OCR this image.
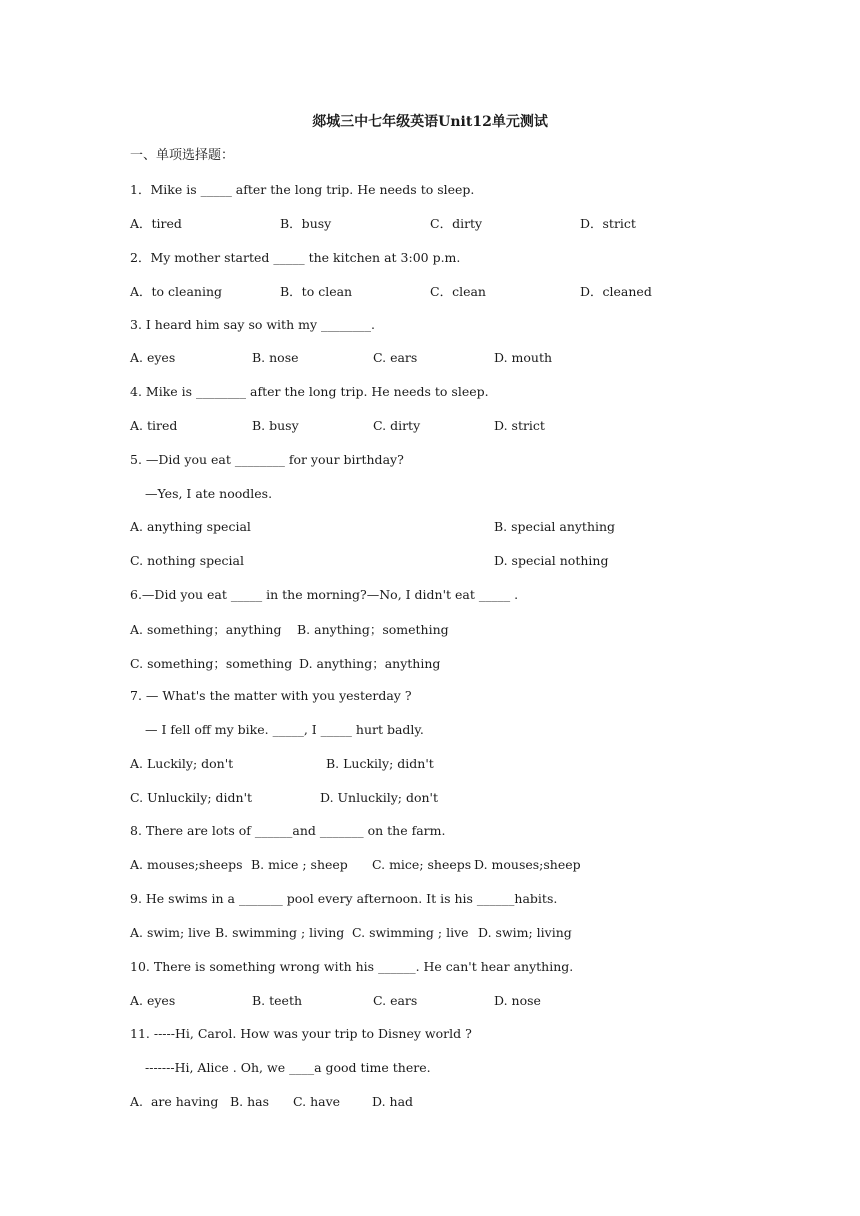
郯城三中七年级英语Unit12单元测试
一、单项选择题：
1．Mike is _____ after the long trip. He needs to sleep.
A．tired	B．busy	C．dirty	D．strict
2．My mother started _____ the kitchen at 3:00 p.m.
A．to cleaning	B．to clean	C．clean	D．cleaned
3. I heard him say so with my ________.
A. eyes	B. nose	C. ears	D. mouth
4. Mike is ________ after the long trip. He needs to sleep.
A. tired	B. busy	C. dirty	D. strict
5. —Did you eat ________ for your birthday?
—Yes, I ate noodles.
A. anything special	B. special anything
C. nothing special	D. special nothing
6.—Did you eat _____ in the morning?—No, I didn't eat _____ .
A. something；anything B. anything；something
C. something；something D. anything；anything
7. — What's the matter with you yesterday ?
— I fell off my bike. _____, I _____ hurt badly.
A. Luckily; don't	B. Luckily; didn't
C. Unluckily; didn't	D. Unluckily; don't
8. There are lots of ______and _______ on the farm.
A. mouses;sheeps B. mice ; sheep C. mice; sheeps D. mouses;sheep
9. He swims in a _______ pool every afternoon. It is his ______habits.
A. swim; live B. swimming ; living C. swimming ; live D. swim; living
10. There is something wrong with his ______. He can't hear anything.
A. eyes	B. teeth	C. ears	D. nose
11. -----Hi, Carol. How was your trip to Disney world ?
-------Hi, Alice . Oh, we ____a good time there.
A.  are having B. has C. have	D. had
